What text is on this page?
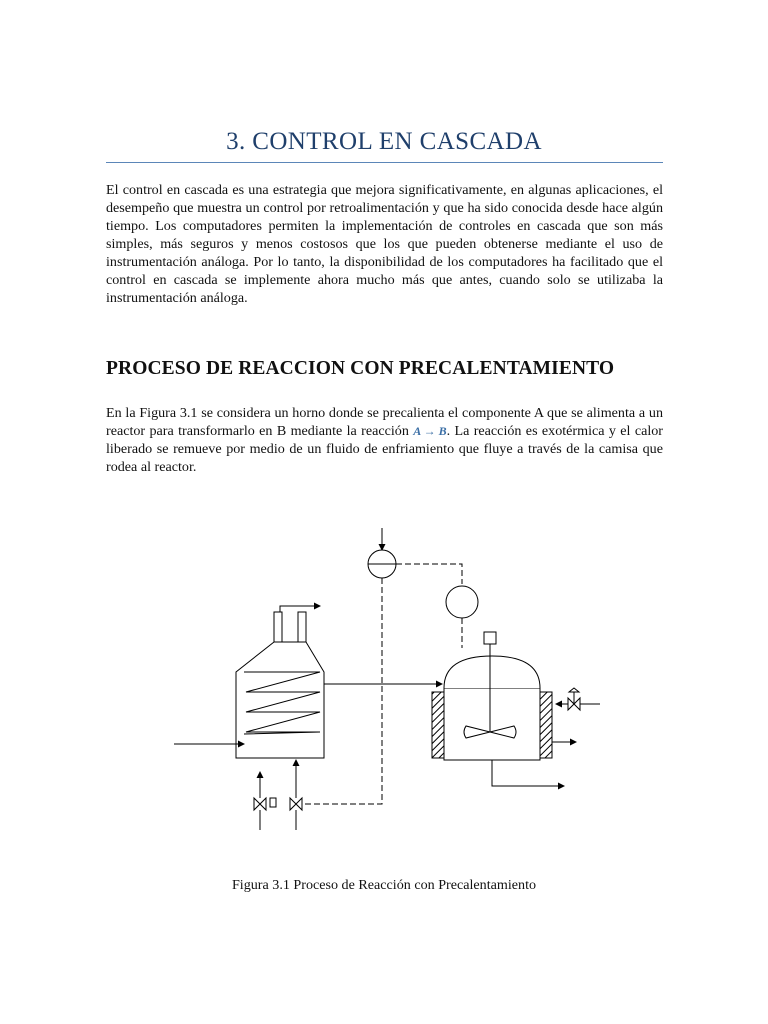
3. CONTROL EN CASCADA

El control en cascada es una estrategia que mejora significativamente, en algunas aplicaciones, el desempeño que muestra un control por retroalimentación y que ha sido conocida desde hace algún tiempo. Los computadores permiten la implementación de controles en cascada que son más simples, más seguros y menos costosos que los que pueden obtenerse mediante el uso de instrumentación análoga. Por lo tanto, la disponibilidad de los computadores ha facilitado que el control en cascada se implemente ahora mucho más que antes, cuando solo se utilizaba la instrumentación análoga.

PROCESO DE REACCION CON PRECALENTAMIENTO

En la Figura 3.1 se considera un horno donde se precalienta el componente A que se alimenta a un reactor para transformarlo en B mediante la reacción A → B. La reacción es exotérmica y el calor liberado se remueve por medio de un fluido de enfriamiento que fluye a través de la camisa que rodea al reactor.

Figura 3.1 Proceso de Reacción con Precalentamiento
